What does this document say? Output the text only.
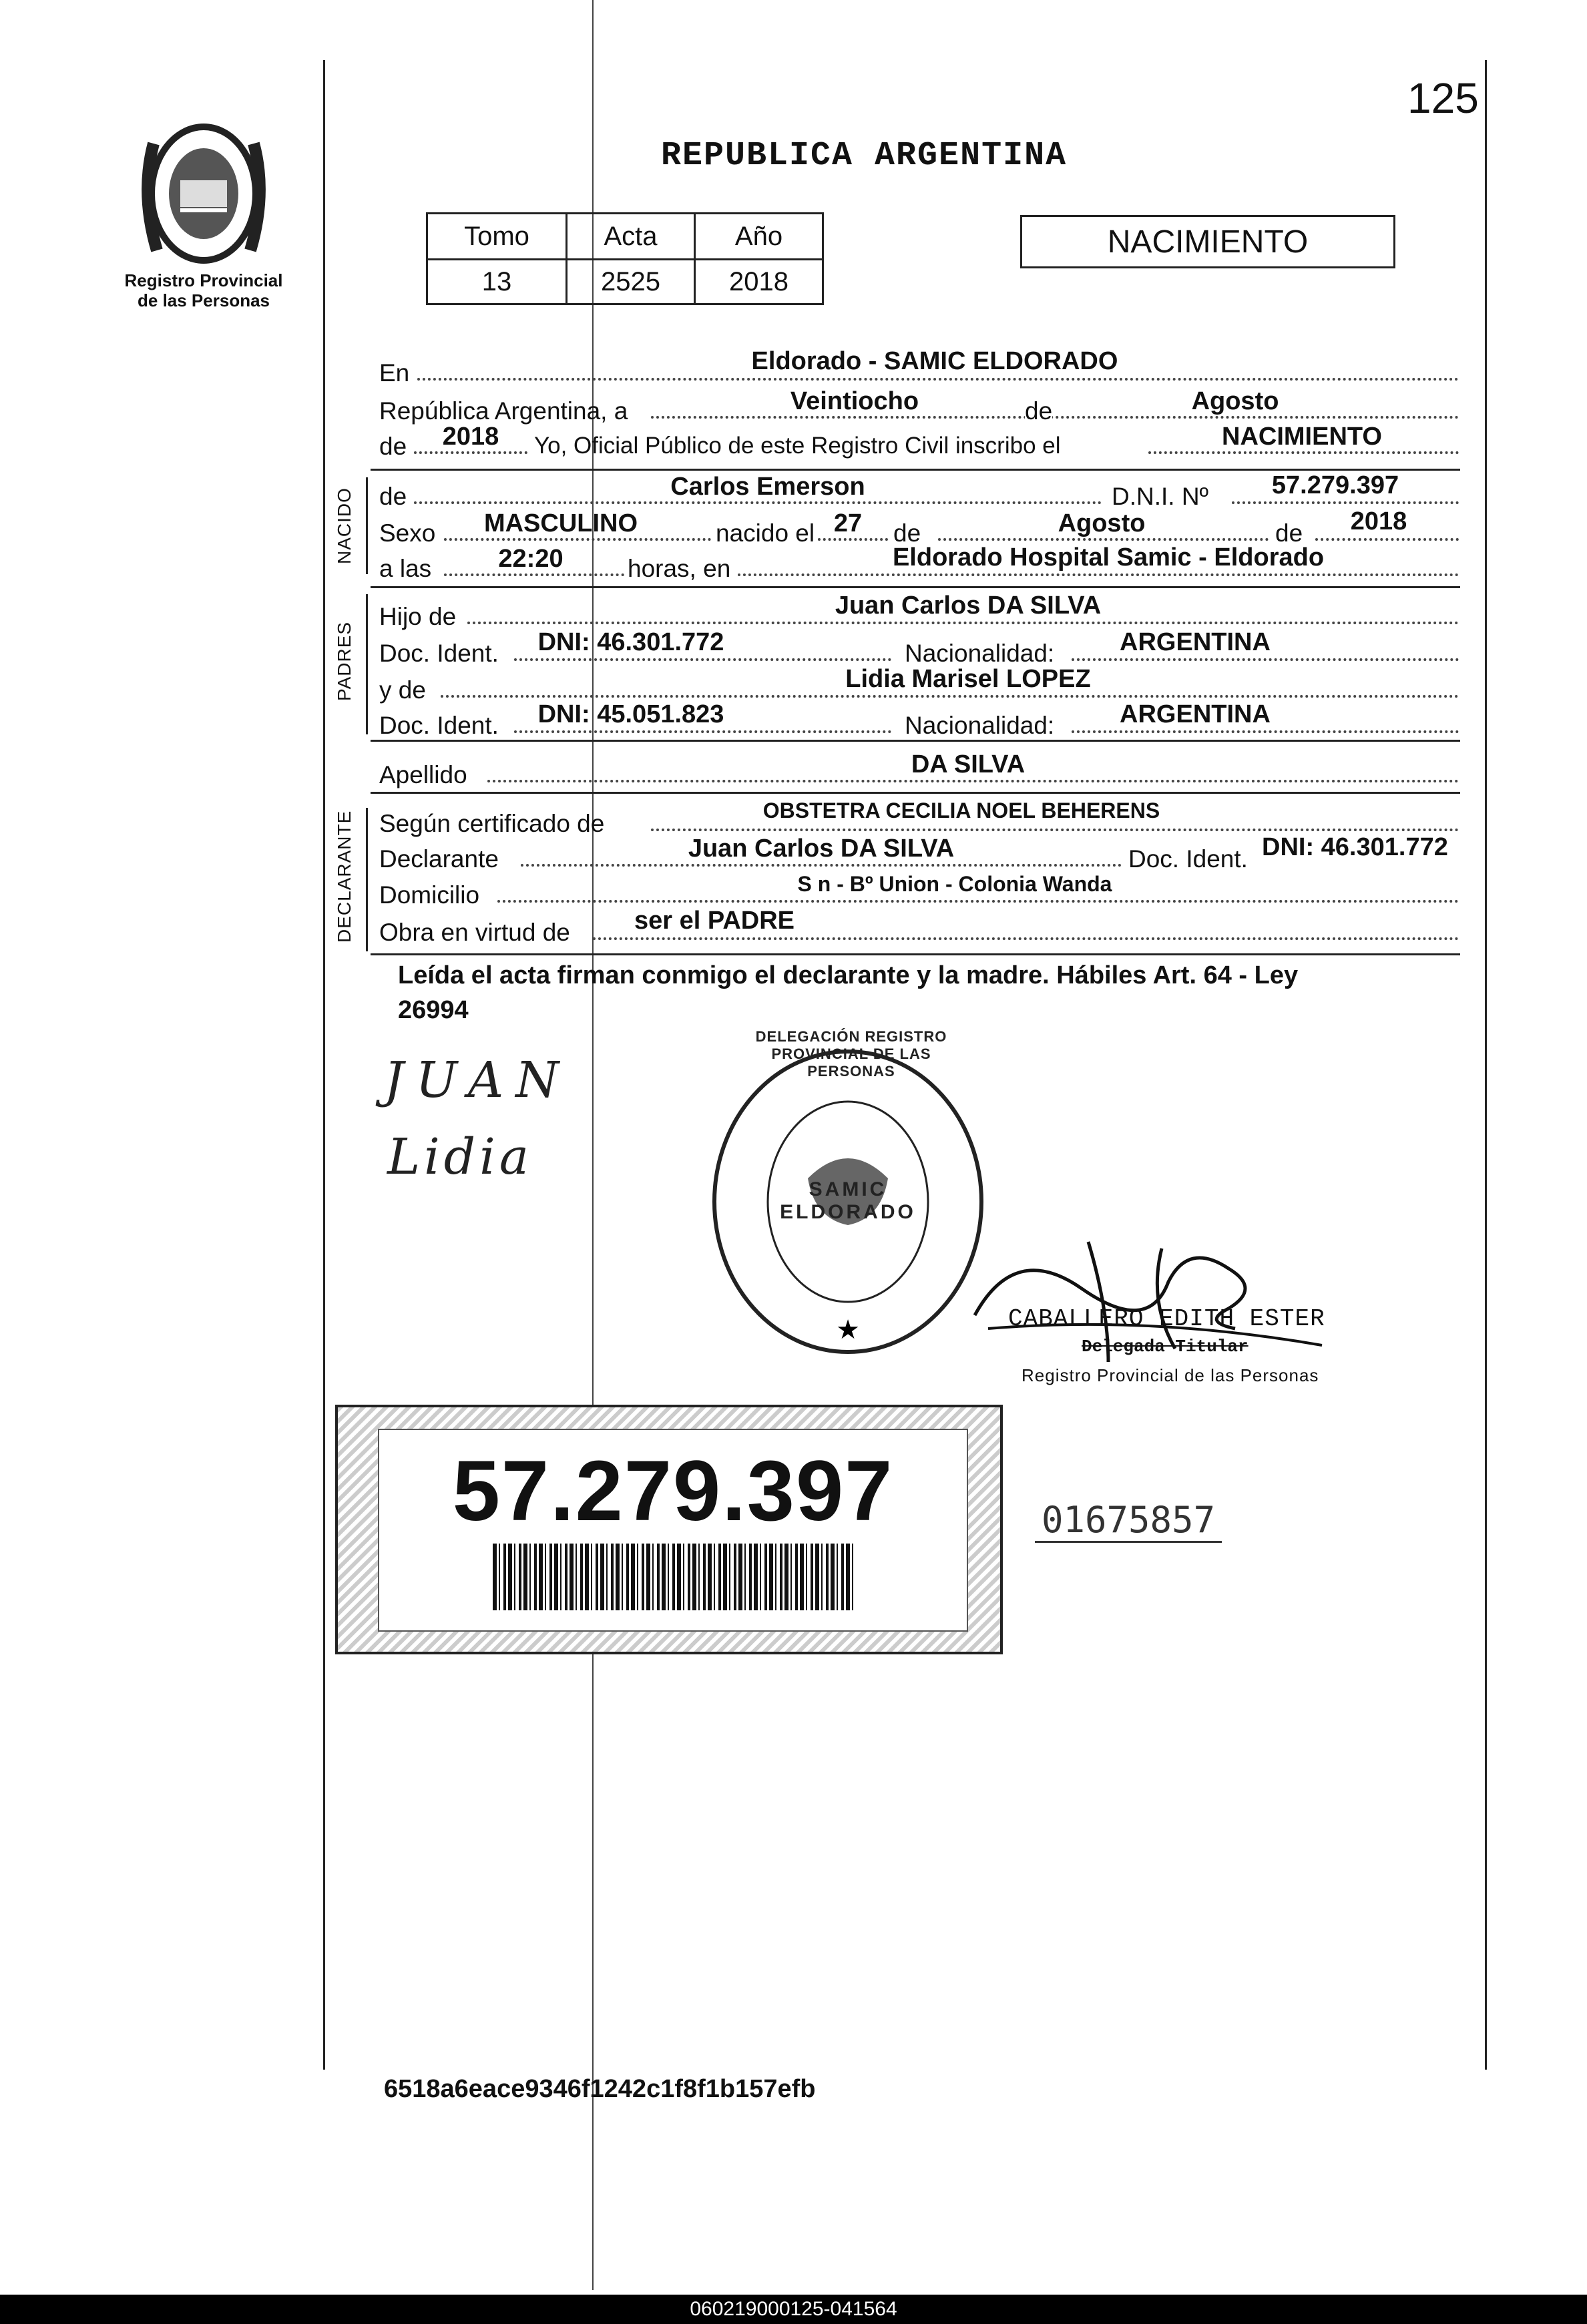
125
Registro Provincial
de las Personas
REPUBLICA ARGENTINA
Tomo	Acta	Año
13	2525	2018
NACIMIENTO
En	Eldorado - SAMIC ELDORADO
República Argentina, a	Veintiocho	de	Agosto
de	2018	Yo, Oficial Público de este Registro Civil inscribo el	NACIMIENTO
NACIDO de	Carlos Emerson	D.N.I. Nº	57.279.397
Sexo	MASCULINO	nacido el 27	de	Agosto	de	2018
a las	22:20	horas, en	Eldorado Hospital Samic - Eldorado
PADRES
Hijo de	Juan Carlos DA SILVA
Doc. Ident.	DNI: 46.301.772	Nacionalidad:	ARGENTINA
y de	Lidia Marisel LOPEZ
Doc. Ident.	DNI: 45.051.823	Nacionalidad:	ARGENTINA
Apellido	DA SILVA
DECLARANTE Según certificado de	OBSTETRA CECILIA NOEL BEHERENS
Declarante	Juan Carlos DA SILVA	Doc. Ident. DNI: 46.301.772
Domicilio	S n - Bº Union - Colonia Wanda
Obra en virtud de	ser el PADRE
Leída el acta firman conmigo el declarante y la madre. Hábiles Art. 64 - Ley
26994
JUAN
Lidia
★
DELEGACIÓN REGISTRO PROVINCIAL DE LAS PERSONAS
SAMIC ELDORADO
CABALLERO EDITH ESTER
Delegada Titular
Registro Provincial de las Personas
57.279.397	01675857
6518a6eace9346f1242c1f8f1b157efb
060219000125-041564
